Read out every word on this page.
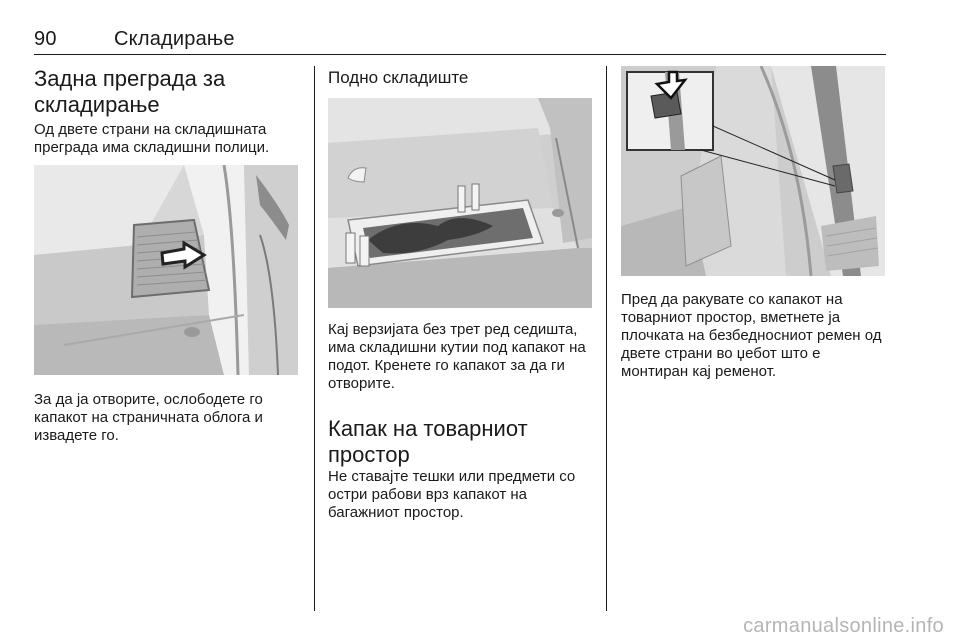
90	Складирање
Задна преграда за складирање
Од двете страни на складишната преграда има складишни полици.
За да ја отворите, ослободете го капакот на страничната облога и извадете го.
Подно складиште
Кај верзијата без трет ред седишта, има складишни кутии под капакот на подот. Кренете го капакот за да ги отворите.
Капак на товарниот простор
Не ставајте тешки или предмети со остри рабови врз капакот на багажниот простор.
Пред да ракувате со капакот на товарниот простор, вметнете ја плочката на безбедносниот ремен од двете страни во џебот што е монтиран кај ременот.
carmanualsonline.info
